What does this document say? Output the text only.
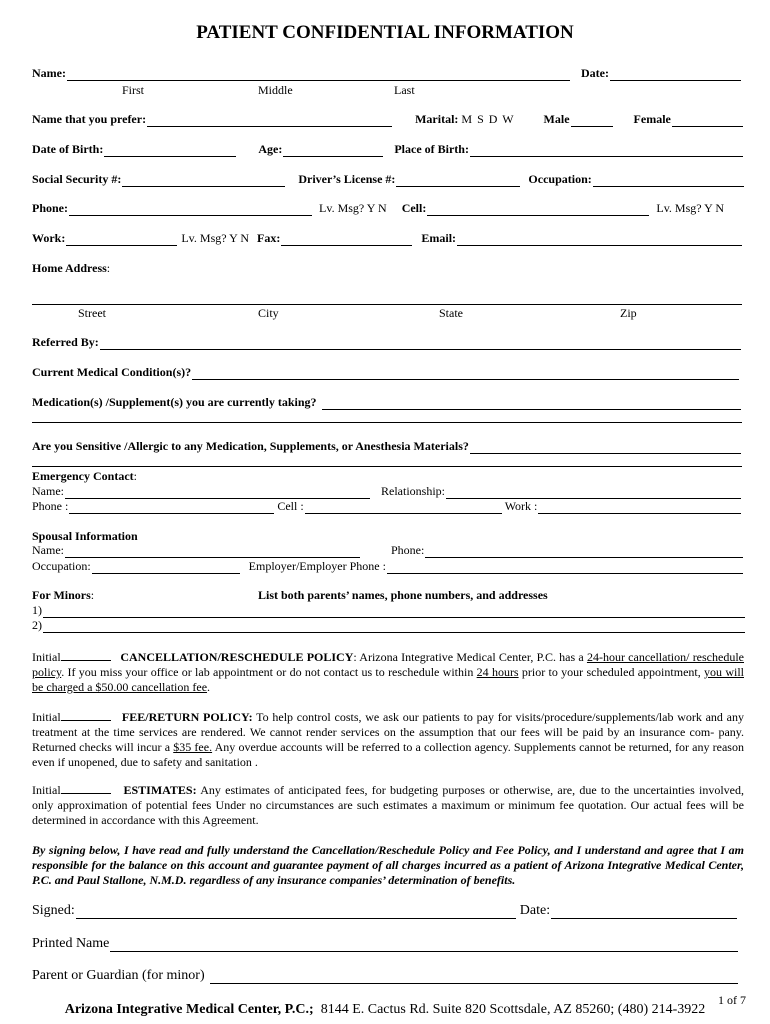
PATIENT CONFIDENTIAL INFORMATION
Name :	Date :
First	Middle	Last
Name that you prefer :	Marital : M S D W	Male	Female
Date of Birth :	Age :	Place of Birth :
Social Security # :	Driver’s License # :	Occupation :
Phone :	Lv. Msg? Y N Cell :	Lv. Msg? Y N
Work :	Lv. Msg? Y N Fax :	Email :
Home Address:
Street	City	State	Zip
Referred By :
Current Medical Condition(s)?
Medication(s) /Supplement(s) you are currently taking?
Are you Sensitive /Allergic to any Medication, Supplements, or Anesthesia Materials?
Emergency Contact:
Name :	Relationship :
Phone :	Cell :	Work :
Spousal Information
Name :	Phone :
Occupation :	Employer/Employer Phone :
For Minors:	List both parents’ names, phone numbers, and addresses
1)
2)
Initial	CANCELLATION/RESCHEDULE POLICY: Arizona Integrative Medical Center, P.C. has a 24-hour cancellation/ reschedule policy. If you miss your office or lab appointment or do not contact us to reschedule within 24 hours prior to your scheduled appointment, you will be charged a $50.00 cancellation fee.
Initial	FEE/RETURN POLICY: To help control costs, we ask our patients to pay for visits/procedure/supplements/lab work and any treatment at the time services are rendered. We cannot render services on the assumption that our fees will be paid by an insurance com- pany. Returned checks will incur a $35 fee. Any overdue accounts will be referred to a collection agency. Supplements cannot be returned, for any reason even if unopened, due to safety and sanitation .
Initial	ESTIMATES: Any estimates of anticipated fees, for budgeting purposes or otherwise, are, due to the uncertainties involved, only approximation of potential fees Under no circumstances are such estimates a maximum or minimum fee quotation. Our actual fees will be determined in accordance with this Agreement.
By signing below, I have read and fully understand the Cancellation/Reschedule Policy and Fee Policy, and I understand and agree that I am responsible for the balance on this account and guarantee payment of all charges incurred as a patient of Arizona Integrative Medical Center, P.C. and Paul Stallone, N.M.D. regardless of any insurance companies’ determination of benefits.
Signed:	Date:
Printed Name
Parent or Guardian (for minor)
1 of 7
Arizona Integrative Medical Center, P.C.; 8144 E. Cactus Rd. Suite 820 Scottsdale, AZ 85260; (480) 214-3922
